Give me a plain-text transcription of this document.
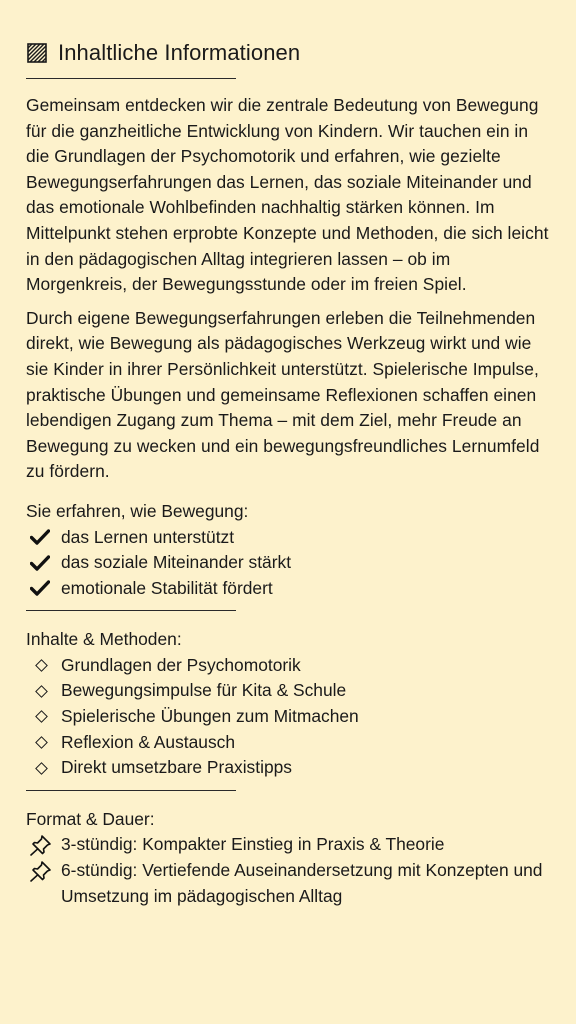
Inhaltliche Informationen

Gemeinsam entdecken wir die zentrale Bedeutung von Bewegung für die ganzheitliche Entwicklung von Kindern. Wir tauchen ein in die Grundlagen der Psychomotorik und erfahren, wie gezielte Bewegungserfahrungen das Lernen, das soziale Miteinander und das emotionale Wohlbefinden nachhaltig stärken können. Im Mittelpunkt stehen erprobte Konzepte und Methoden, die sich leicht in den pädagogischen Alltag integrieren lassen – ob im Morgenkreis, der Bewegungsstunde oder im freien Spiel.

Durch eigene Bewegungserfahrungen erleben die Teilnehmenden direkt, wie Bewegung als pädagogisches Werkzeug wirkt und wie sie Kinder in ihrer Persönlichkeit unterstützt. Spielerische Impulse, praktische Übungen und gemeinsame Reflexionen schaffen einen lebendigen Zugang zum Thema – mit dem Ziel, mehr Freude an Bewegung zu wecken und ein bewegungsfreundliches Lernumfeld zu fördern.

Sie erfahren, wie Bewegung:

das Lernen unterstützt
das soziale Miteinander stärkt
emotionale Stabilität fördert

Inhalte & Methoden:

Grundlagen der Psychomotorik
Bewegungsimpulse für Kita & Schule
Spielerische Übungen zum Mitmachen
Reflexion & Austausch
Direkt umsetzbare Praxistipps

Format & Dauer:

3-stündig: Kompakter Einstieg in Praxis & Theorie
6-stündig: Vertiefende Auseinandersetzung mit Konzepten und Umsetzung im pädagogischen Alltag
